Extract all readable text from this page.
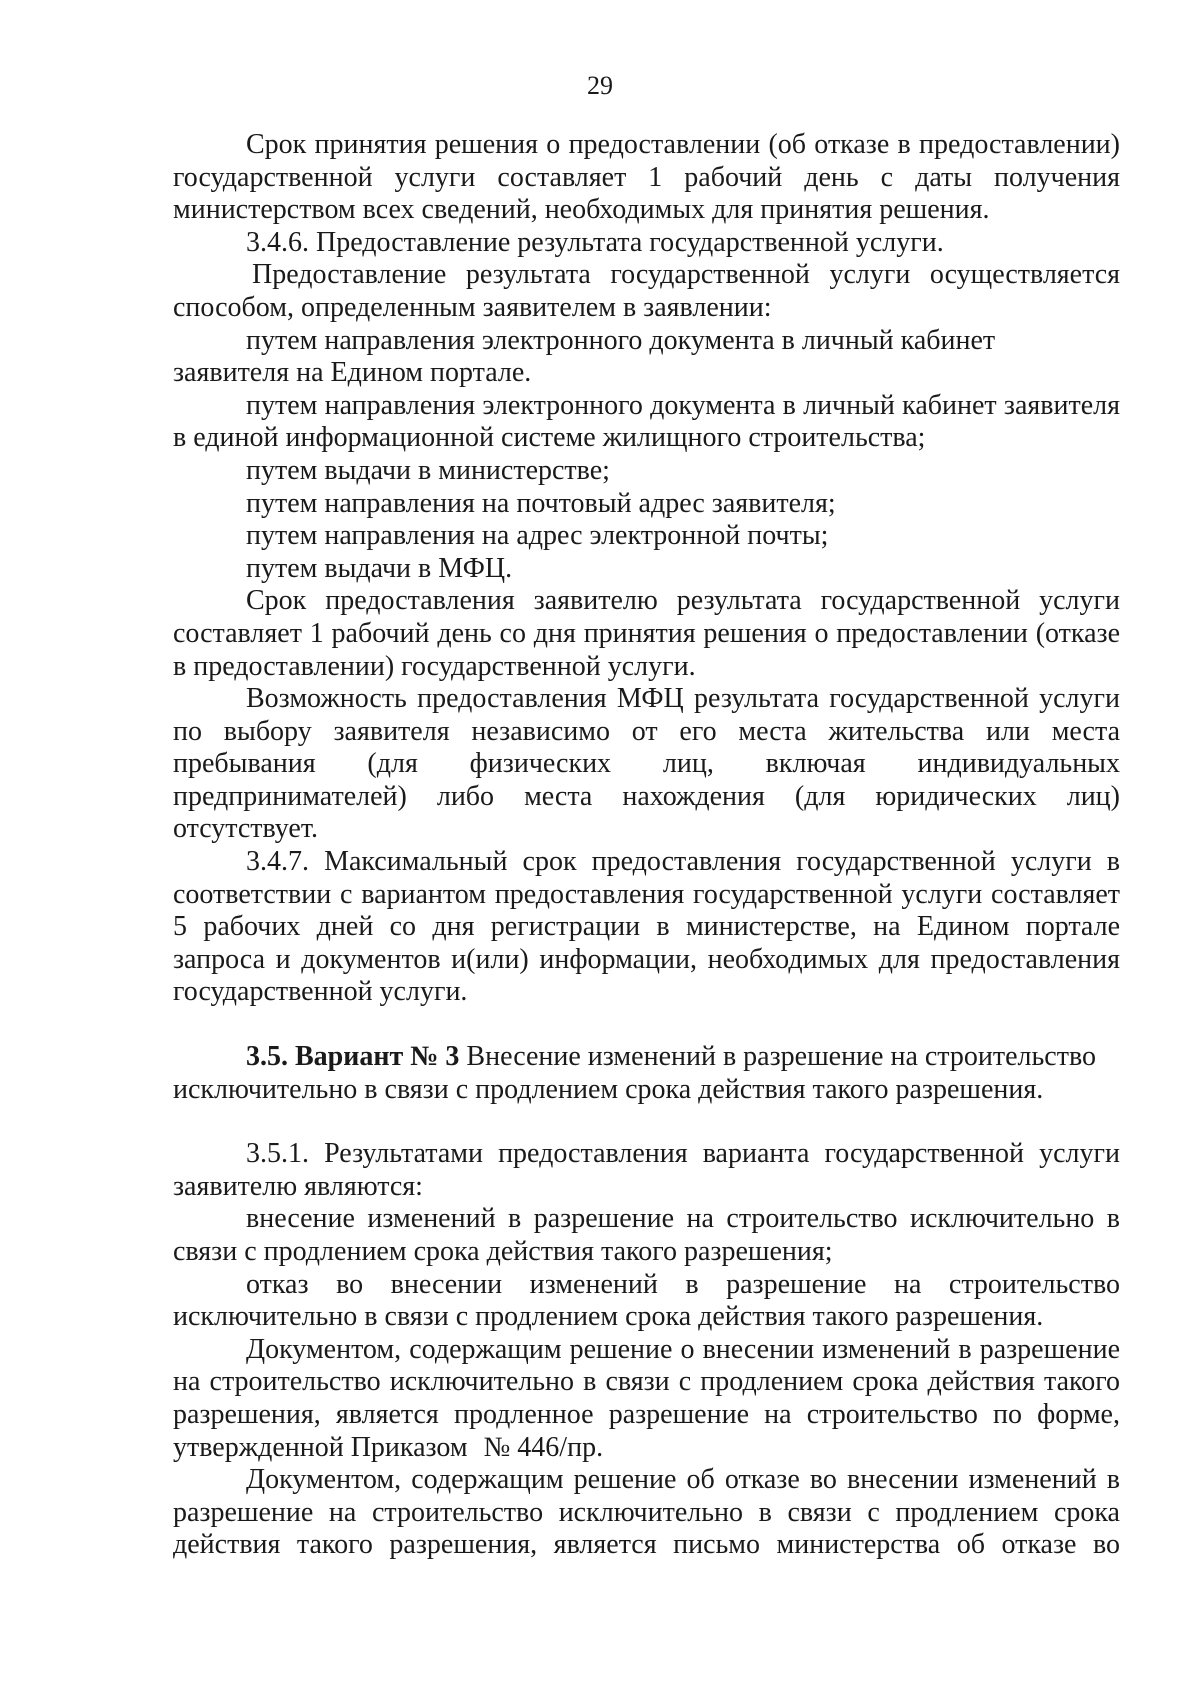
29

Срок принятия решения о предоставлении (об отказе в предоставлении) государственной услуги составляет 1 рабочий день с даты получения министерством всех сведений, необходимых для принятия решения.

3.4.6. Предоставление результата государственной услуги.

Предоставление результата государственной услуги осуществляется способом, определенным заявителем в заявлении:

путем направления электронного документа в личный кабинет
заявителя на Едином портале.

путем направления электронного документа в личный кабинет заявителя в единой информационной системе жилищного строительства;

путем выдачи в министерстве;

путем направления на почтовый адрес заявителя;

путем направления на адрес электронной почты;

путем выдачи в МФЦ.

Срок предоставления заявителю результата государственной услуги составляет 1 рабочий день со дня принятия решения о предоставлении (отказе в предоставлении) государственной услуги.

Возможность предоставления МФЦ результата государственной услуги по выбору заявителя независимо от его места жительства или места пребывания (для физических лиц, включая индивидуальных предпринимателей) либо места нахождения (для юридических лиц) отсутствует.

3.4.7. Максимальный срок предоставления государственной услуги в соответствии с вариантом предоставления государственной услуги составляет 5 рабочих дней со дня регистрации в министерстве, на Едином портале запроса и документов и(или) информации, необходимых для предоставления государственной услуги.

3.5. Вариант № 3 Внесение изменений в разрешение на строительство
исключительно в связи с продлением срока действия такого разрешения.

3.5.1. Результатами предоставления варианта государственной услуги заявителю являются:

внесение изменений в разрешение на строительство исключительно в связи с продлением срока действия такого разрешения;

отказ во внесении изменений в разрешение на строительство исключительно в связи с продлением срока действия такого разрешения.

Документом, содержащим решение о внесении изменений в разрешение на строительство исключительно в связи с продлением срока действия такого разрешения, является продленное разрешение на строительство по форме, утвержденной Приказом № 446/пр.

Документом, содержащим решение об отказе во внесении изменений в разрешение на строительство исключительно в связи с продлением срока действия такого разрешения, является письмо министерства об отказе во
